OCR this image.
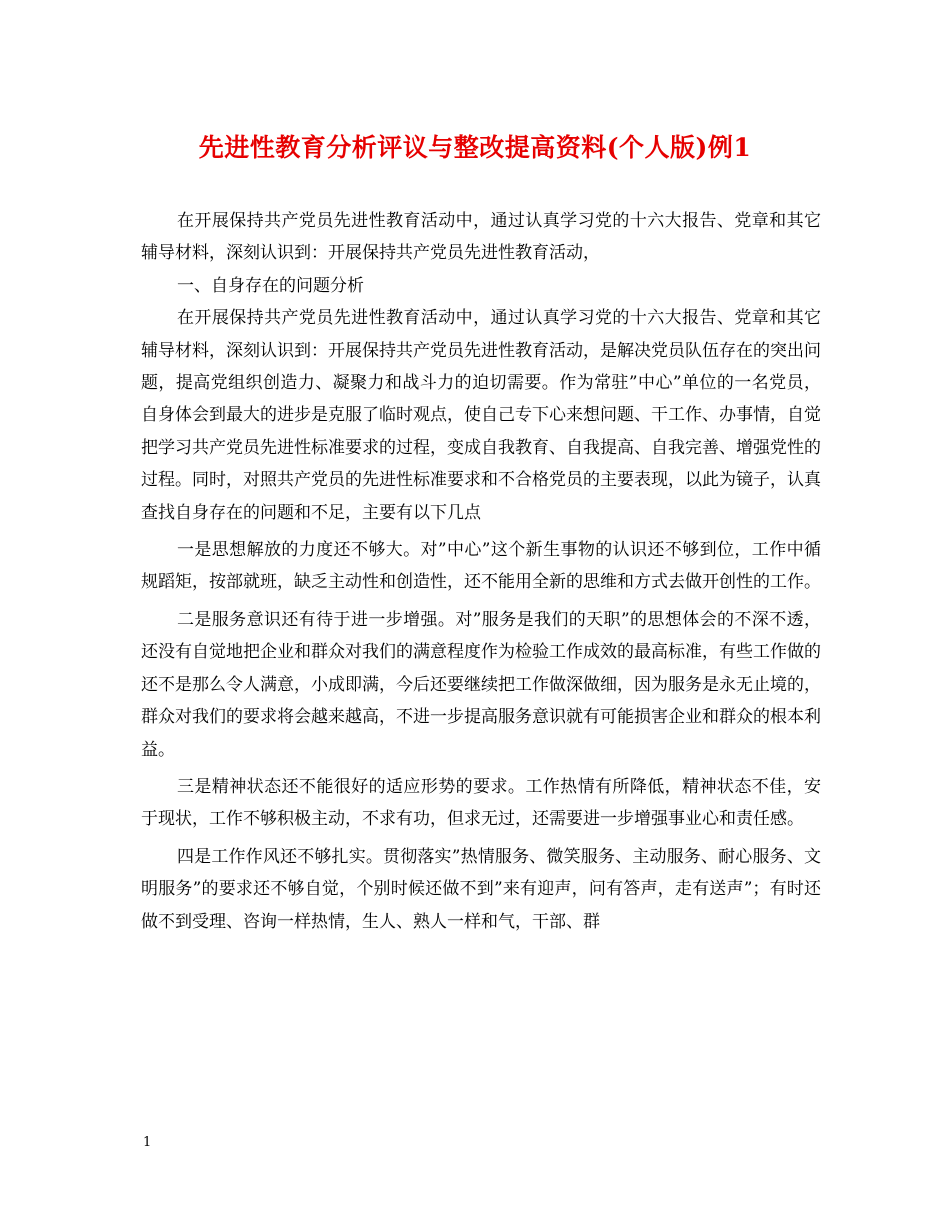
先进性教育分析评议与整改提高资料(个人版)例1

在开展保持共产党员先进性教育活动中，通过认真学习党的十六大报告、党章和其它辅导材料，深刻认识到：开展保持共产党员先进性教育活动，

一、自身存在的问题分析

在开展保持共产党员先进性教育活动中，通过认真学习党的十六大报告、党章和其它辅导材料，深刻认识到：开展保持共产党员先进性教育活动，是解决党员队伍存在的突出问题，提高党组织创造力、凝聚力和战斗力的迫切需要。作为常驻”中心”单位的一名党员，自身体会到最大的进步是克服了临时观点，使自己专下心来想问题、干工作、办事情，自觉把学习共产党员先进性标准要求的过程，变成自我教育、自我提高、自我完善、增强党性的过程。同时，对照共产党员的先进性标准要求和不合格党员的主要表现，以此为镜子，认真查找自身存在的问题和不足，主要有以下几点

一是思想解放的力度还不够大。对”中心”这个新生事物的认识还不够到位，工作中循规蹈矩，按部就班，缺乏主动性和创造性，还不能用全新的思维和方式去做开创性的工作。

二是服务意识还有待于进一步增强。对”服务是我们的天职”的思想体会的不深不透，还没有自觉地把企业和群众对我们的满意程度作为检验工作成效的最高标准，有些工作做的还不是那么令人满意，小成即满，今后还要继续把工作做深做细，因为服务是永无止境的，群众对我们的要求将会越来越高，不进一步提高服务意识就有可能损害企业和群众的根本利益。

三是精神状态还不能很好的适应形势的要求。工作热情有所降低，精神状态不佳，安于现状，工作不够积极主动，不求有功，但求无过，还需要进一步增强事业心和责任感。

四是工作作风还不够扎实。贯彻落实”热情服务、微笑服务、主动服务、耐心服务、文明服务”的要求还不够自觉，个别时候还做不到”来有迎声，问有答声，走有送声”；有时还做不到受理、咨询一样热情，生人、熟人一样和气，干部、群

1
